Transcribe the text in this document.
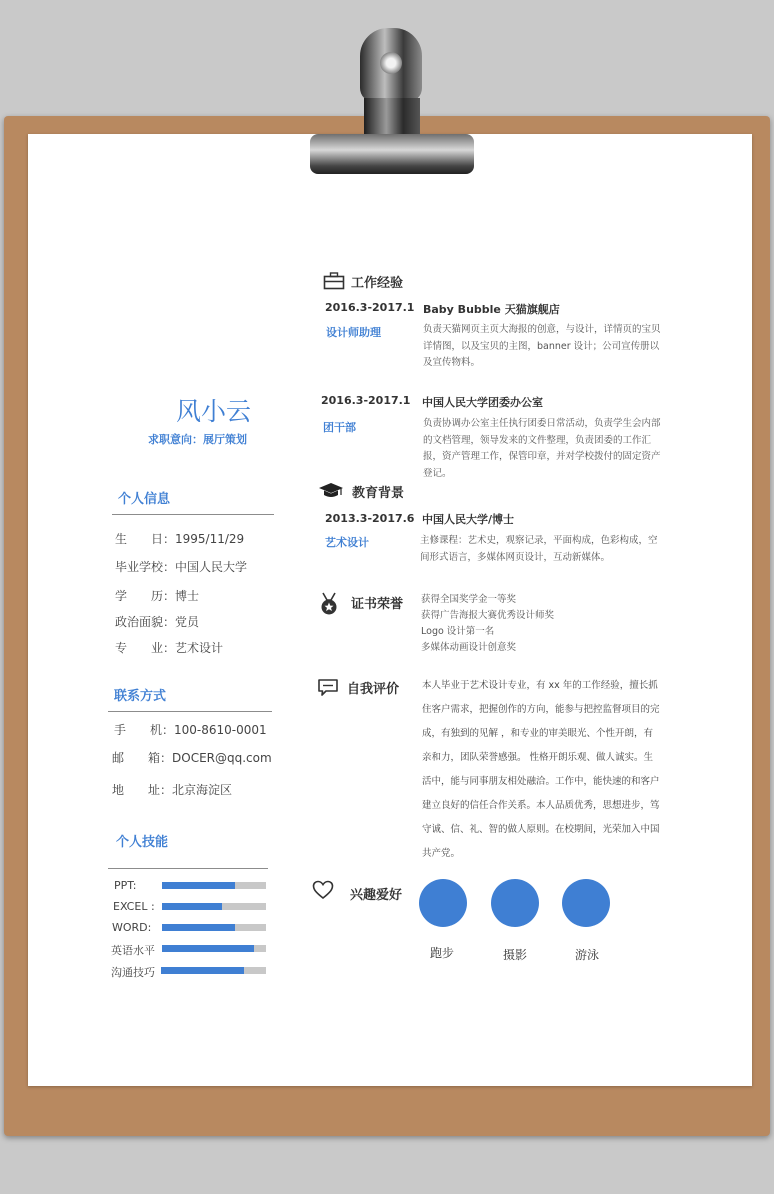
风小云
求职意向：展厅策划
个人信息
生　　日：1995/11/29
毕业学校：中国人民大学
学　　历：博士
政治面貌：党员
专　　业：艺术设计
联系方式
手　　机：100-8610-0001
邮　　箱：DOCER@qq.com
地　　址：北京海淀区
个人技能
PPT:
EXCEL :
WORD:
英语水平
沟通技巧
工作经验
2016.3-2017.1 Baby Bubble 天猫旗舰店
设计师助理	负责天猫网页主页大海报的创意，与设计，详情页的宝贝详情图，以及宝贝的主图，banner 设计；公司宣传册以及宣传物料。
2016.3-2017.1 中国人民大学团委办公室
团干部	负责协调办公室主任执行团委日常活动，负责学生会内部的文档管理，领导发来的文件整理，负责团委的工作汇报，资产管理工作，保管印章，并对学校拨付的固定资产登记。
教育背景
2013.3-2017.6 中国人民大学/博士
艺术设计	主修课程：艺术史，观察记录，平面构成，色彩构成，空间形式语言，多媒体网页设计，互动新媒体。
证书荣誉 获得全国奖学金一等奖
获得广告海报大赛优秀设计师奖
Logo 设计第一名
多媒体动画设计创意奖
自我评价 本人毕业于艺术设计专业，有 xx 年的工作经验，擅长抓住客户需求，把握创作的方向，能参与把控监督项目的完成，有独到的见解 ，和专业的审美眼光、个性开朗，有亲和力，团队荣誉感强。 性格开朗乐观、做人诚实。生活中，能与同事朋友相处融洽。工作中，能快速的和客户建立良好的信任合作关系。本人品质优秀，思想进步，笃守诚、信、礼、智的做人原则。在校期间，光荣加入中国共产党。
兴趣爱好
跑步	摄影	游泳
